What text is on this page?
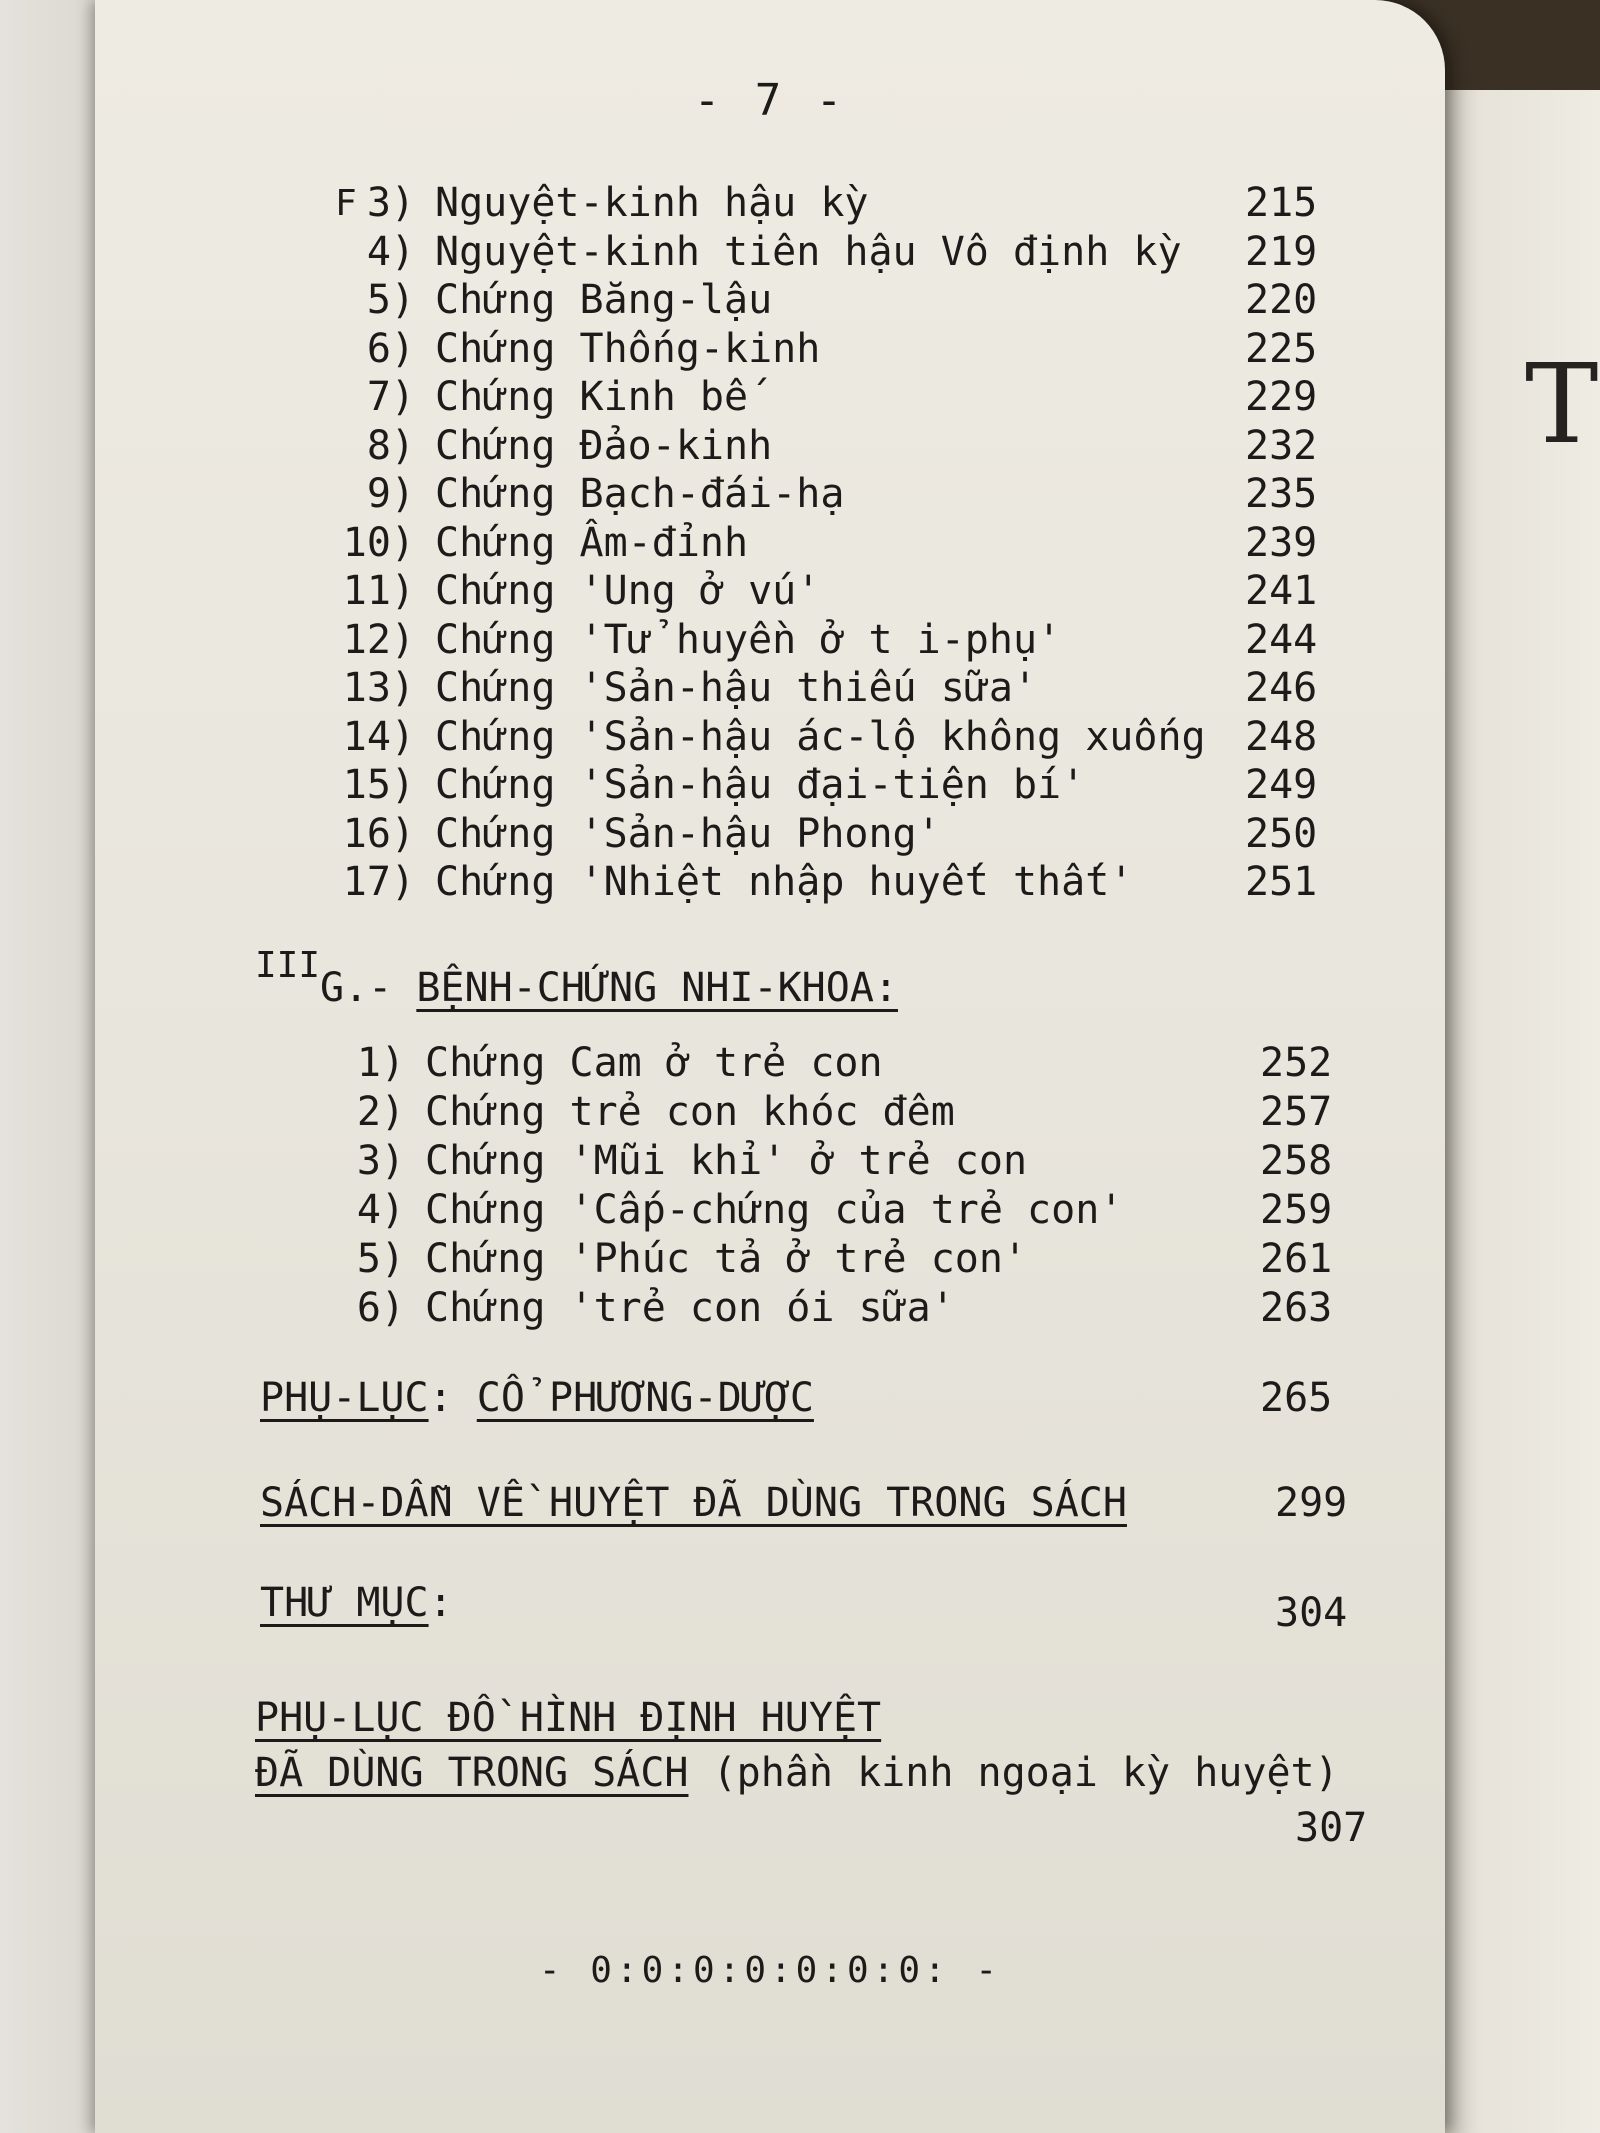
T
- 7 -
F 3) Nguyệt-kinh hậu kỳ	215
4) Nguyệt-kinh tiên hậu Vô định kỳ 219
5) Chứng Băng-lậu	220
6) Chứng Thống-kinh	225
7) Chứng Kinh bế	229
8) Chứng Đảo-kinh	232
9) Chứng Bạch-đái-hạ	235
10) Chứng Âm-đỉnh	239
11) Chứng 'Ung ở vú'	241
12) Chứng 'Tử huyền ở t i-phụ'	244
13) Chứng 'Sản-hậu thiếu sữa'	246
14) Chứng 'Sản-hậu ác-lộ không xuống 248
15) Chứng 'Sản-hậu đại-tiện bí'	249
16) Chứng 'Sản-hậu Phong'	250
17) Chứng 'Nhiệt nhập huyết thất'	251
III G.- BỆNH-CHỨNG NHI-KHOA:
1) Chứng Cam ở trẻ con	252
2) Chứng trẻ con khóc đêm	257
3) Chứng 'Mũi khỉ' ở trẻ con	258
4) Chứng 'Cấp-chứng của trẻ con'	259
5) Chứng 'Phúc tả ở trẻ con'	261
6) Chứng 'trẻ con ói sữa'	263
PHỤ-LỤC: CỔ PHƯƠNG-DƯỢC	265
SÁCH-DẪN VỀ HUYỆT ĐÃ DÙNG TRONG SÁCH	299
THƯ MỤC:	304
PHỤ-LỤC ĐỒ HÌNH ĐỊNH HUYỆT
ĐÃ DÙNG TRONG SÁCH (phần kinh ngoại kỳ huyệt)
307
- 0:0:0:0:0:0:0: -
